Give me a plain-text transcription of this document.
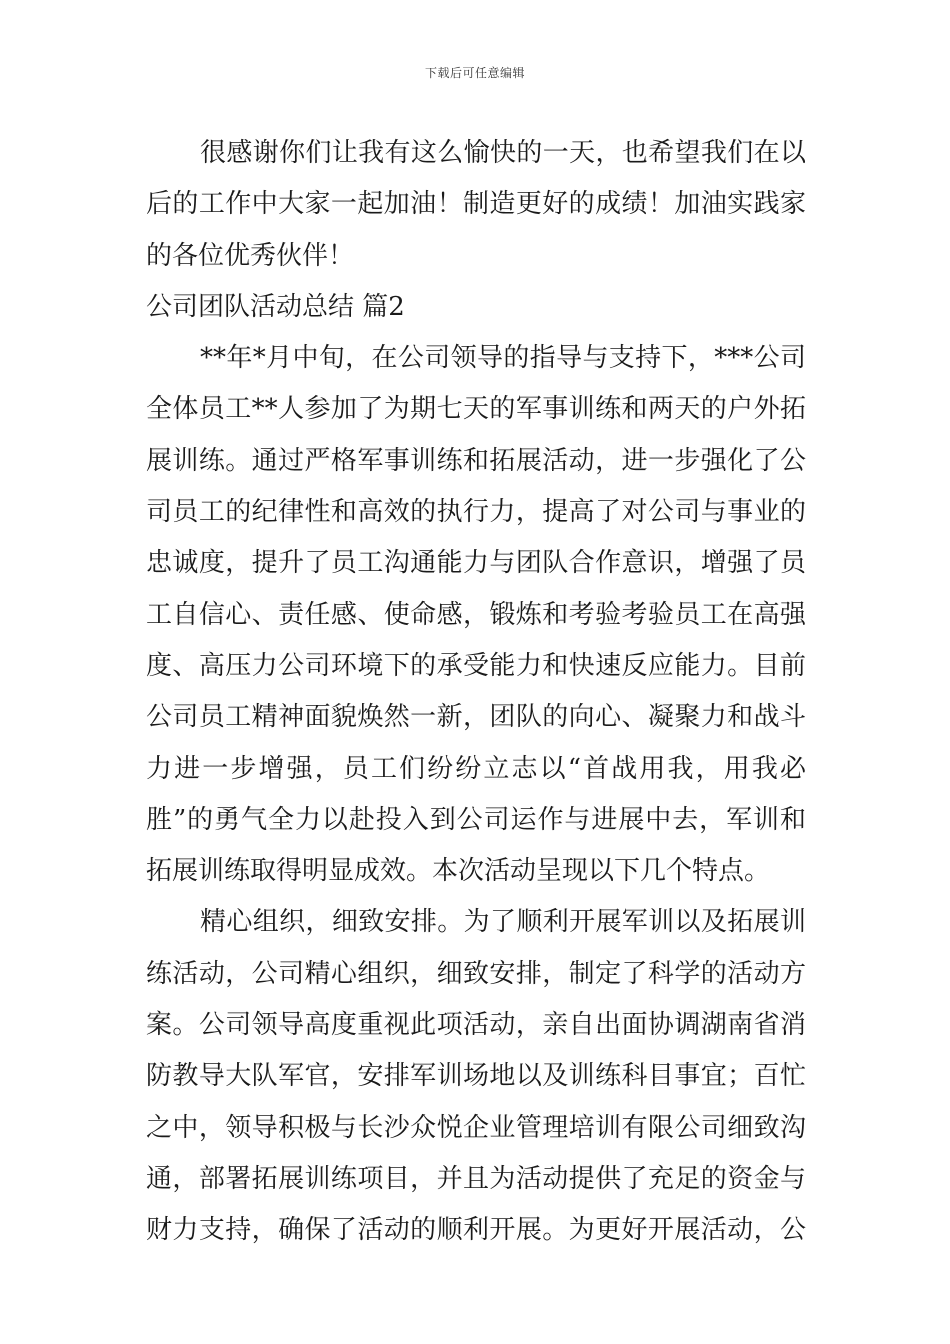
下载后可任意编辑
很感谢你们让我有这么愉快的一天，也希望我们在以
后的工作中大家一起加油！制造更好的成绩！加油实践家
的各位优秀伙伴！
公司团队活动总结 篇2
**年*月中旬，在公司领导的指导与支持下，***公司
全体员工**人参加了为期七天的军事训练和两天的户外拓
展训练。通过严格军事训练和拓展活动，进一步强化了公
司员工的纪律性和高效的执行力，提高了对公司与事业的
忠诚度，提升了员工沟通能力与团队合作意识，增强了员
工自信心、责任感、使命感，锻炼和考验考验员工在高强
度、高压力公司环境下的承受能力和快速反应能力。目前
公司员工精神面貌焕然一新，团队的向心、凝聚力和战斗
力进一步增强，员工们纷纷立志以“首战用我，用我必
胜”的勇气全力以赴投入到公司运作与进展中去，军训和
拓展训练取得明显成效。本次活动呈现以下几个特点。
精心组织，细致安排。为了顺利开展军训以及拓展训
练活动，公司精心组织，细致安排，制定了科学的活动方
案。公司领导高度重视此项活动，亲自出面协调湖南省消
防教导大队军官，安排军训场地以及训练科目事宜；百忙
之中，领导积极与长沙众悦企业管理培训有限公司细致沟
通，部署拓展训练项目，并且为活动提供了充足的资金与
财力支持，确保了活动的顺利开展。为更好开展活动，公
